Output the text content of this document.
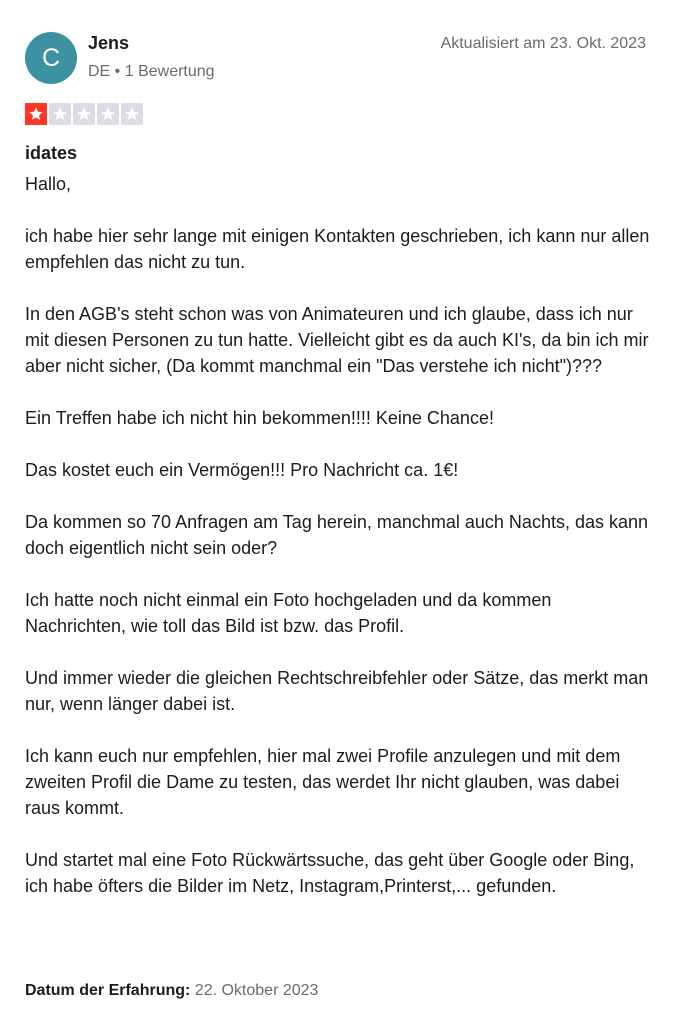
C
Jens
DE • 1 Bewertung
Aktualisiert am 23. Okt. 2023
idates

Hallo,

ich habe hier sehr lange mit einigen Kontakten geschrieben, ich kann nur allen empfehlen das nicht zu tun.

In den AGB's steht schon was von Animateuren und ich glaube, dass ich nur mit diesen Personen zu tun hatte. Vielleicht gibt es da auch KI's, da bin ich mir aber nicht sicher, (Da kommt manchmal ein "Das verstehe ich nicht")???

Ein Treffen habe ich nicht hin bekommen!!!! Keine Chance!

Das kostet euch ein Vermögen!!! Pro Nachricht ca. 1€!

Da kommen so 70 Anfragen am Tag herein, manchmal auch Nachts, das kann doch eigentlich nicht sein oder?

Ich hatte noch nicht einmal ein Foto hochgeladen und da kommen Nachrichten, wie toll das Bild ist bzw. das Profil.

Und immer wieder die gleichen Rechtschreibfehler oder Sätze, das merkt man nur, wenn länger dabei ist.

Ich kann euch nur empfehlen, hier mal zwei Profile anzulegen und mit dem zweiten Profil die Dame zu testen, das werdet Ihr nicht glauben, was dabei raus kommt.

Und startet mal eine Foto Rückwärtssuche, das geht über Google oder Bing, ich habe öfters die Bilder im Netz, Instagram,Printerst,... gefunden.

Datum der Erfahrung: 22. Oktober 2023
